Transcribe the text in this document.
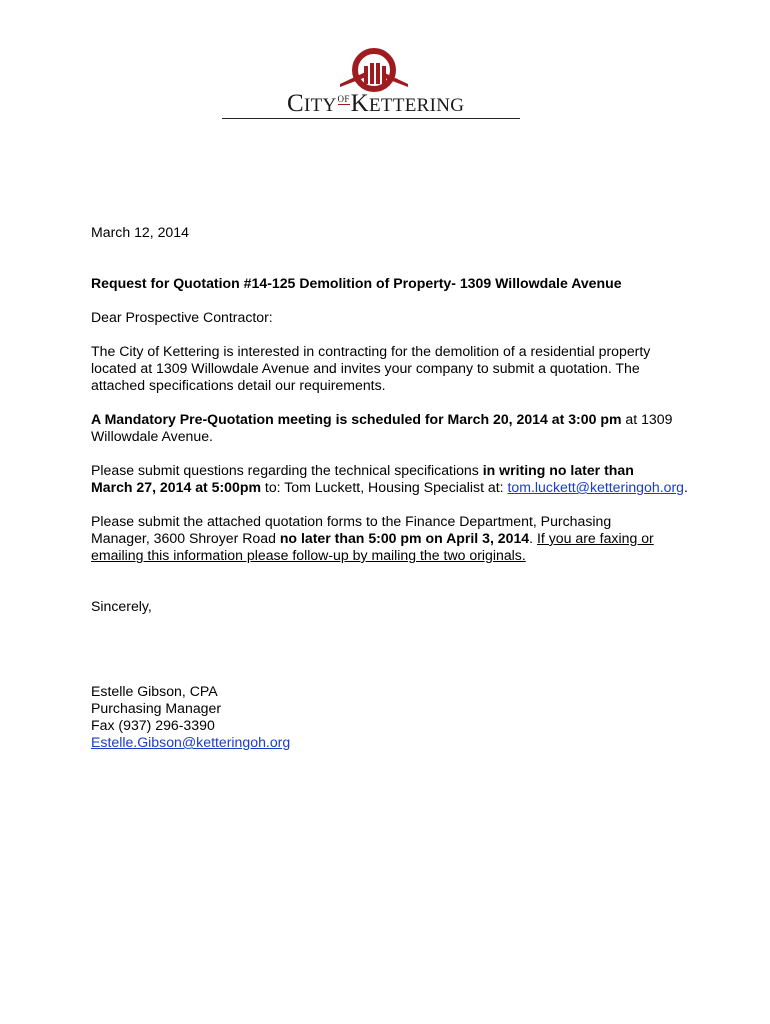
CITYOFKETTERING

March 12, 2014

Request for Quotation #14-125 Demolition of Property- 1309 Willowdale Avenue

Dear Prospective Contractor:

The City of Kettering is interested in contracting for the demolition of a residential property

located at 1309 Willowdale Avenue and invites your company to submit a quotation. The

attached specifications detail our requirements.

A Mandatory Pre-Quotation meeting is scheduled for March 20, 2014 at 3:00 pm at 1309

Willowdale Avenue.

Please submit questions regarding the technical specifications in writing no later than

March 27, 2014 at 5:00pm to: Tom Luckett, Housing Specialist at: tom.luckett@ketteringoh.org.

Please submit the attached quotation forms to the Finance Department, Purchasing

Manager, 3600 Shroyer Road no later than 5:00 pm on April 3, 2014. If you are faxing or

emailing this information please follow-up by mailing the two originals.

Sincerely,

Estelle Gibson, CPA

Purchasing Manager

Fax (937) 296-3390

Estelle.Gibson@ketteringoh.org
